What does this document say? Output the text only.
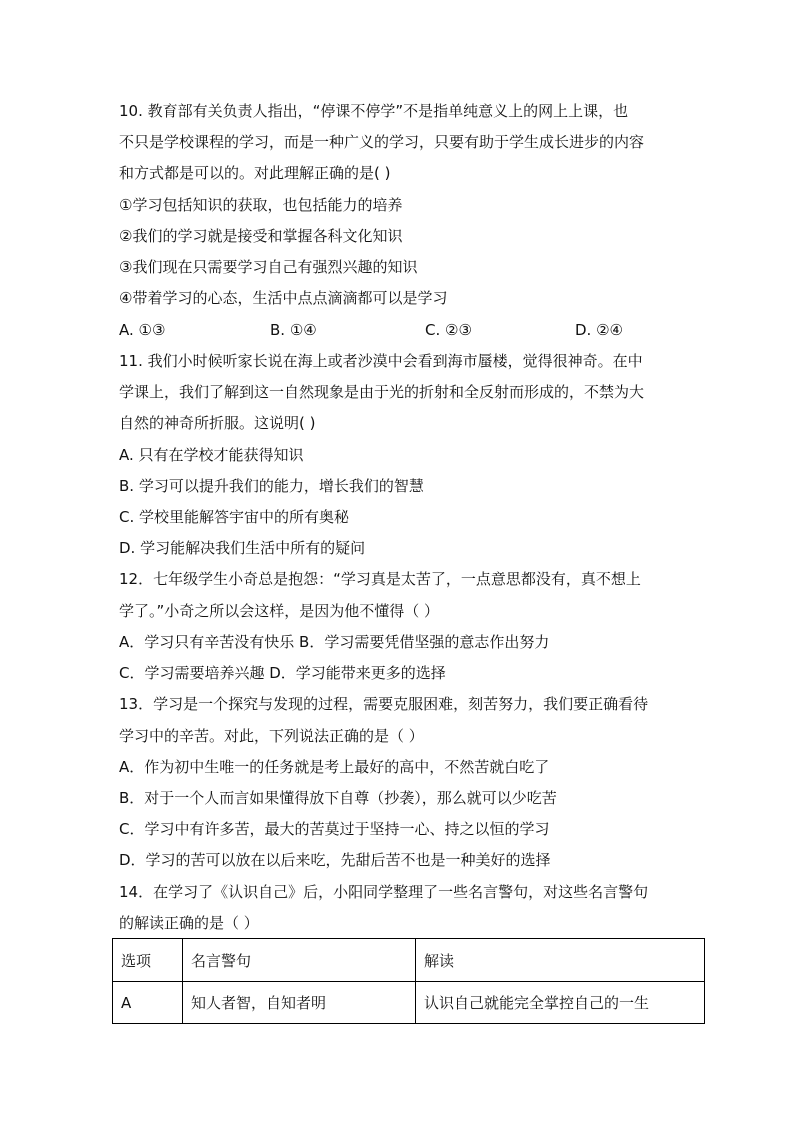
10. 教育部有关负责人指出，“停课不停学”不是指单纯意义上的网上上课，也
不只是学校课程的学习，而是一种广义的学习，只要有助于学生成长进步的内容
和方式都是可以的。对此理解正确的是( )
①学习包括知识的获取，也包括能力的培养
②我们的学习就是接受和掌握各科文化知识
③我们现在只需要学习自己有强烈兴趣的知识
④带着学习的心态，生活中点点滴滴都可以是学习
A. ①③	B. ①④	C. ②③	D. ②④
11. 我们小时候听家长说在海上或者沙漠中会看到海市蜃楼，觉得很神奇。在中
学课上，我们了解到这一自然现象是由于光的折射和全反射而形成的，不禁为大
自然的神奇所折服。这说明( )
A. 只有在学校才能获得知识
B. 学习可以提升我们的能力，增长我们的智慧
C. 学校里能解答宇宙中的所有奥秘
D. 学习能解决我们生活中所有的疑问
12．七年级学生小奇总是抱怨：“学习真是太苦了，一点意思都没有，真不想上
学了。”小奇之所以会这样，是因为他不懂得（ ）
A．学习只有辛苦没有快乐 B．学习需要凭借坚强的意志作出努力
C．学习需要培养兴趣 D．学习能带来更多的选择
13．学习是一个探究与发现的过程，需要克服困难，刻苦努力，我们要正确看待
学习中的辛苦。对此，下列说法正确的是（ ）
A．作为初中生唯一的任务就是考上最好的高中，不然苦就白吃了
B．对于一个人而言如果懂得放下自尊（抄袭），那么就可以少吃苦
C．学习中有许多苦，最大的苦莫过于坚持一心、持之以恒的学习
D．学习的苦可以放在以后来吃，先甜后苦不也是一种美好的选择
14．在学习了《认识自己》后，小阳同学整理了一些名言警句，对这些名言警句
的解读正确的是（ ）
选项	名言警句	解读
A	知人者智，自知者明	认识自己就能完全掌控自己的一生
